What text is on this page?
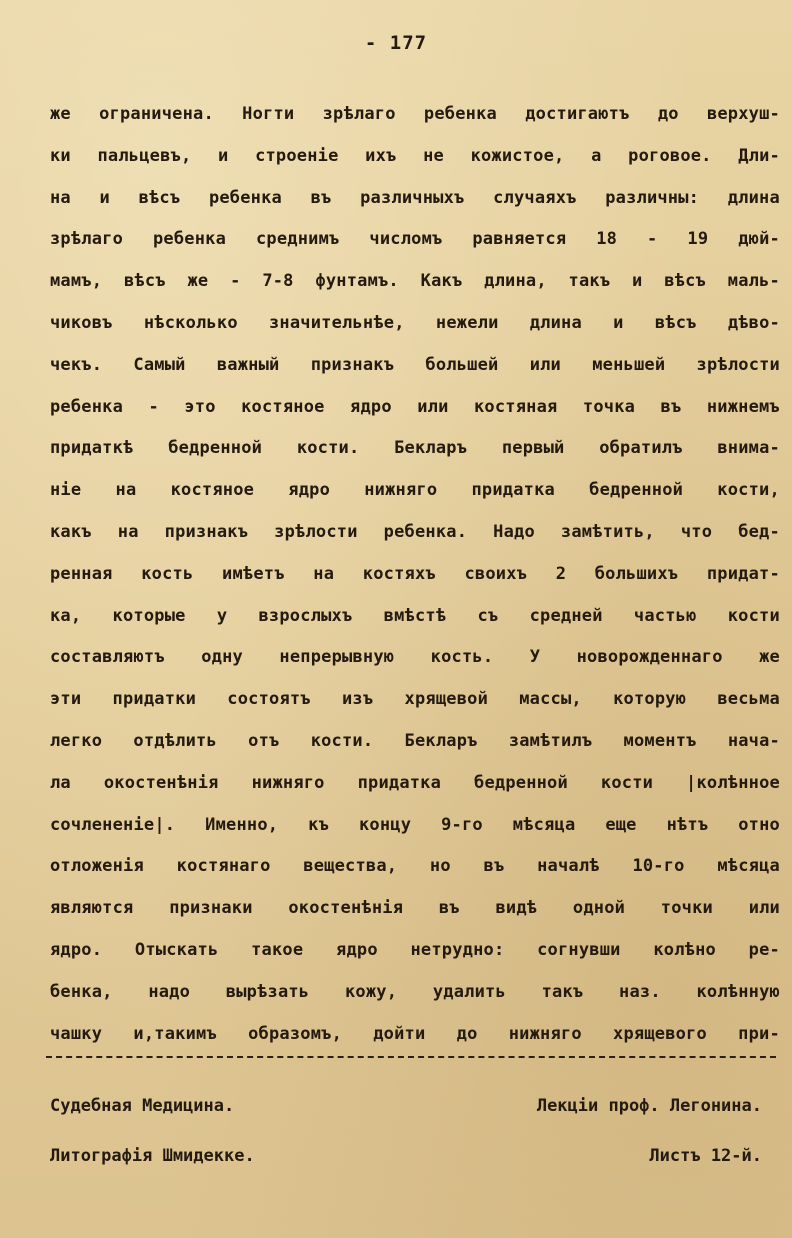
- 177
же ограничена. Ногти зрѣлаго ребенка достигаютъ до верхуш-
ки пальцевъ, и строеніе ихъ не кожистое, а роговое. Дли-
на и вѣсъ ребенка въ различныхъ случаяхъ различны: длина
зрѣлаго ребенка среднимъ числомъ равняется 18 - 19 дюй-
мамъ, вѣсъ же - 7-8 фунтамъ. Какъ длина, такъ и вѣсъ маль-
чиковъ нѣсколько значительнѣе, нежели длина и вѣсъ дѣво-
чекъ. Самый важный признакъ большей или меньшей зрѣлости
ребенка - это костяное ядро или костяная точка въ нижнемъ
придаткѣ бедренной кости. Бекларъ первый обратилъ внима-
ніе на костяное ядро нижняго придатка бедренной кости,
какъ на признакъ зрѣлости ребенка. Надо замѣтить, что бед-
ренная кость имѣетъ на костяхъ своихъ 2 большихъ придат-
ка, которые у взрослыхъ вмѣстѣ съ средней частью кости
составляютъ одну непрерывную кость. У новорожденнаго же
эти придатки состоятъ изъ хрящевой массы, которую весьма
легко отдѣлить отъ кости. Бекларъ замѣтилъ моментъ нача-
ла окостенѣнія нижняго придатка бедренной кости |колѣнное
сочлененіе|. Именно, къ концу 9-го мѣсяца еще нѣтъ отно
отложенія костянаго вещества, но въ началѣ 10-го мѣсяца
являются признаки окостенѣнія въ видѣ одной точки или
ядро. Отыскать такое ядро нетрудно: согнувши колѣно ре-
бенка, надо вырѣзать кожу, удалить такъ наз. колѣнную
чашку и,такимъ образомъ, дойти до нижняго хрящевого при-
Судебная Медицина.	Лекціи проф. Легонина.
Литографія Шмидекке.	Листъ 12-й.
